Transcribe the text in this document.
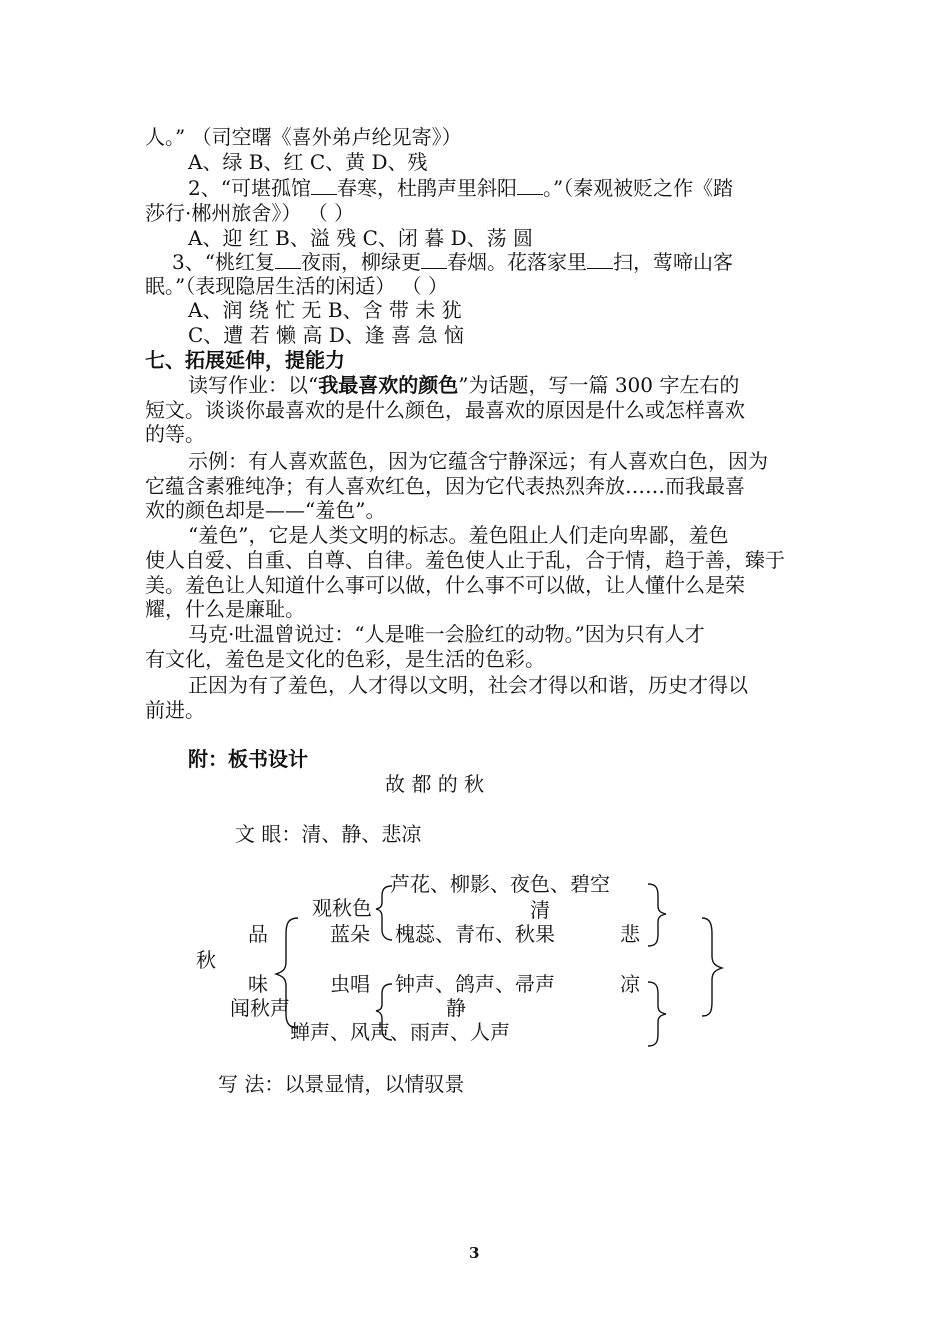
人。” （司空曙《喜外弟卢纶见寄》）
A、绿 B、红 C、黄 D、残
2、“可堪孤馆 春寒，杜鹃声里斜阳 。”（秦观被贬之作《踏
莎行·郴州旅舍》） （ ）
A、迎 红 B、溢 残 C、闭 暮 D、荡 圆
3、“桃红复 夜雨，柳绿更 春烟。花落家里 扫，莺啼山客
眠。”（表现隐居生活的闲适） （ ）
A、润 绕 忙 无 B、含 带 未 犹
C、遭 若 懒 高 D、逢 喜 急 恼
七、拓展延伸，提能力
读写作业：以“我最喜欢的颜色”为话题，写一篇 300 字左右的
短文。谈谈你最喜欢的是什么颜色，最喜欢的原因是什么或怎样喜欢
的等。
示例：有人喜欢蓝色，因为它蕴含宁静深远；有人喜欢白色，因为
它蕴含素雅纯净；有人喜欢红色，因为它代表热烈奔放……而我最喜
欢的颜色却是——“羞色”。
“羞色”，它是人类文明的标志。羞色阻止人们走向卑鄙，羞色
使人自爱、自重、自尊、自律。羞色使人止于乱，合于情，趋于善，臻于
美。羞色让人知道什么事可以做，什么事不可以做，让人懂什么是荣
耀，什么是廉耻。
马克·吐温曾说过：“人是唯一会脸红的动物。”因为只有人才
有文化，羞色是文化的色彩，是生活的色彩。
正因为有了羞色，人才得以文明，社会才得以和谐，历史才得以
前进。
附：板书设计
故 都 的 秋
文 眼：清、静、悲凉
芦花、柳影、夜色、碧空
观秋色	清
品	蓝朵 槐蕊、青布、秋果	悲
秋
味	虫唱 钟声、鸽声、帚声	凉
闻秋声	静
蝉声、风声、雨声、人声
写 法：以景显情，以情驭景
3
